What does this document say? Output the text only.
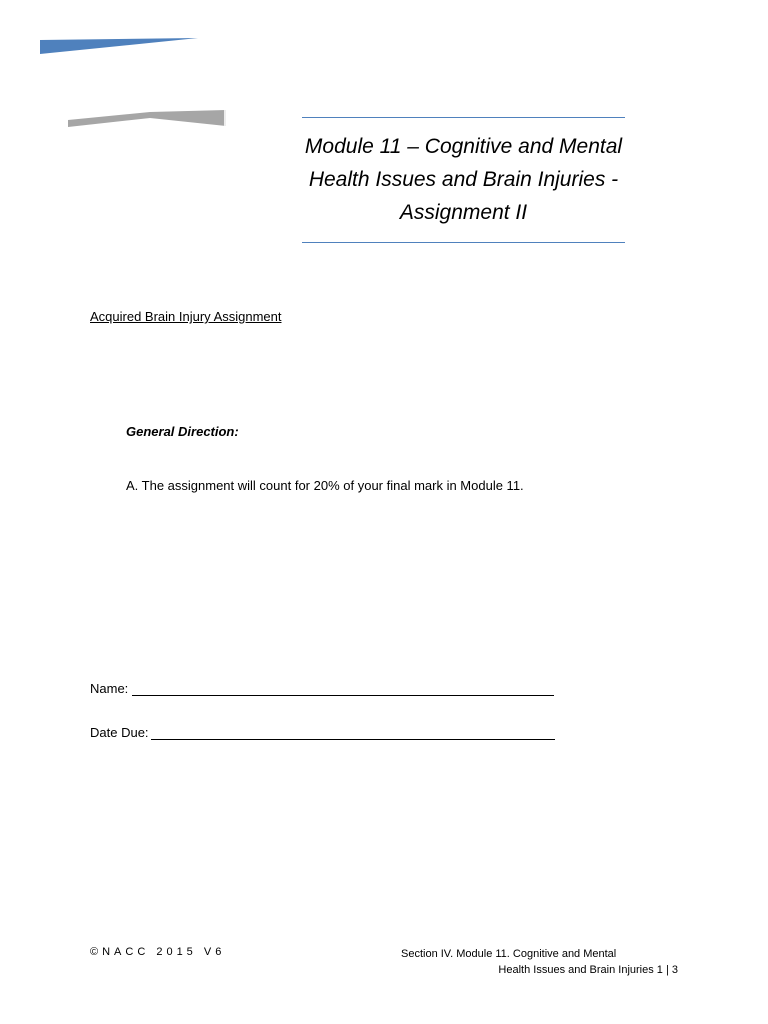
Module 11 – Cognitive and Mental Health Issues and Brain Injuries - Assignment II

Acquired Brain Injury Assignment

General Direction:

A. The assignment will count for 20% of your final mark in Module 11.

Name:
Date Due:
©NACC 2015 V6	Section IV. Module 11. Cognitive and Mental
Health Issues and Brain Injuries 1 | 3
